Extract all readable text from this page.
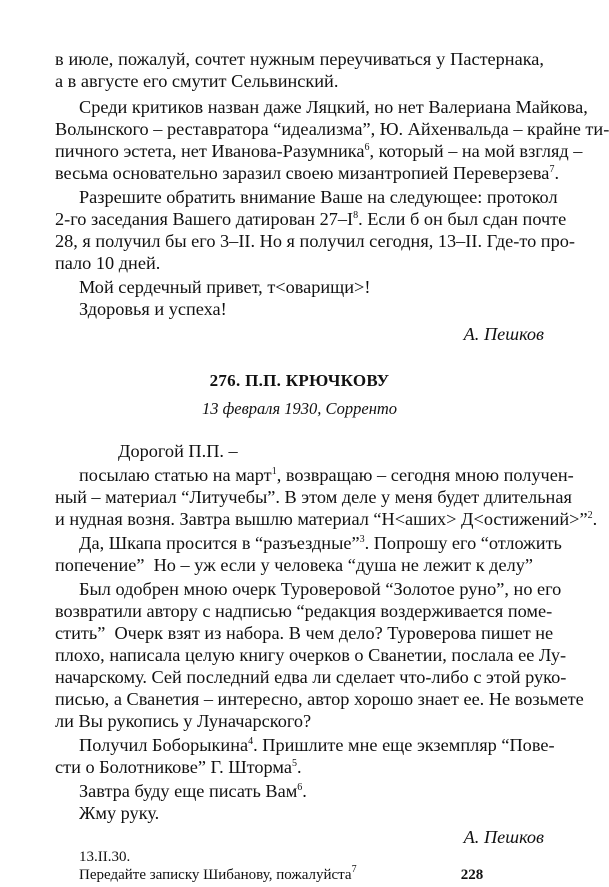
в июле, пожалуй, сочтет нужным переучиваться у Пастернака,

а в августе его смутит Сельвинский.

Среди критиков назван даже Ляцкий, но нет Валериана Майкова,

Волынского – реставратора “идеализма”, Ю. Айхенвальда – крайне ти-

пичного эстета, нет Иванова-Разумника$^6$, который – на мой взгляд –

весьма основательно заразил своею мизантропией Переверзева$^7$.

Разрешите обратить внимание Ваше на следующее: протокол

2-го заседания Вашего датирован $27-I^8$. Если б он был сдан почте

28, я получил бы его 3–II. Но я получил сегодня, 13–II. Где-то про-

пало 10 дней.

Мой сердечный привет, т<оварищи>!

Здоровья и успеха!

А. Пешков

276. П.П. КРЮЧКОВУ

13 февраля 1930, Сорренто

Дорогой П.П. –

посылаю статью на март$^1$, возвращаю – сегодня мною получен-

ный – материал “Литучебы”. В этом деле у меня будет длительная

и нудная возня. Завтра вышлю материал “Н<аших> Д<остижений>”$^2$.

Да, Шкапа просится в “разъездные”$^3$. Попрошу его “отложить

попечение”  Но – уж если у человека “душа не лежит к делу”

Был одобрен мною очерк Туроверовой “Золотое руно”, но его

возвратили автору с надписью “редакция воздерживается поме-

стить”  Очерк взят из набора. В чем дело? Туроверова пишет не

плохо, написала целую книгу очерков о Сванетии, послала ее Лу-

начарскому. Сей последний едва ли сделает что-либо с этой руко-

писью, а Сванетия – интересно, автор хорошо знает ее. Не возьмете

ли Вы рукопись у Луначарского?

Получил Боборыкина$^4$. Пришлите мне еще экземпляр “Пове-

сти о Болотникове” Г. Шторма$^5$.

Завтра буду еще писать Вам$^6$.

Жму руку.

А. Пешков

13.II.30.

Передайте записку Шибанову, пожалуйста$^7$	228
